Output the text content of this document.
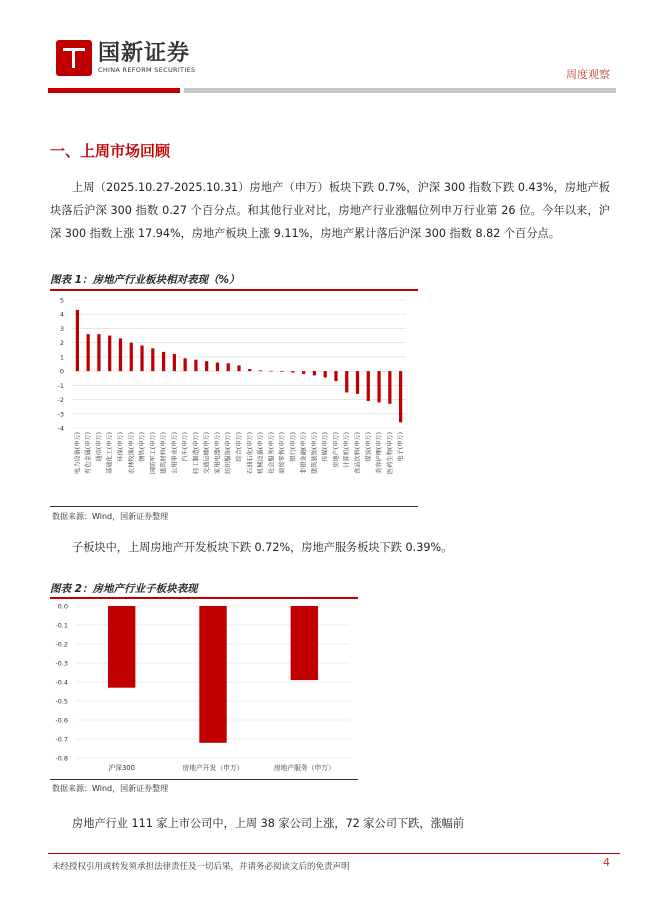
国新证券
CHINA REFORM SECURITIES	周度观察
一、上周市场回顾
上周（2025.10.27-2025.10.31）房地产（申万）板块下跌 0.7%，沪深 300 指数下跌 0.43%，房地产板块落后沪深 300 指数 0.27 个百分点。和其他行业对比，房地产行业涨幅位列申万行业第 26 位。今年以来，沪深 300 指数上涨 17.94%，房地产板块上涨 9.11%，房地产累计落后沪深 300 指数 8.82 个百分点。
图表 1：房地产行业板块相对表现（%）
5
4
3
2
1
0
-1
-2
-3
-4
电力设备(申万) 有色金属(申万) 通信(申万) 基础化工(申万) 环保(申万) 农林牧渔(申万) 钢铁(申万) 国防军工(申万) 建筑材料(申万) 公用事业(申万) 汽车(申万) 轻工制造(申万) 交通运输(申万) 家用电器(申万) 纺织服饰(申万) 综合(申万) 石油石化(申万) 机械设备(申万) 社会服务(申万) 商贸零售(申万) 银行(申万) 非银金融(申万) 建筑装饰(申万) 传媒(申万) 房地产(申万) 计算机(申万) 食品饮料(申万) 煤炭(申万) 美容护理(申万) 医药生物(申万) 电子(申万)
数据来源：Wind，国新证券整理
子板块中，上周房地产开发板块下跌 0.72%，房地产服务板块下跌 0.39%。
图表 2：房地产行业子板块表现
0.0
-0.1
-0.2
-0.3
-0.4
-0.5
-0.6
-0.7
-0.8
沪深300	房地产开发（申万）	房地产服务（申万）
数据来源：Wind，国新证券整理
房地产行业 111 家上市公司中，上周 38 家公司上涨，72 家公司下跌，涨幅前
未经授权引用或转发须承担法律责任及一切后果，并请务必阅读文后的免责声明	4
